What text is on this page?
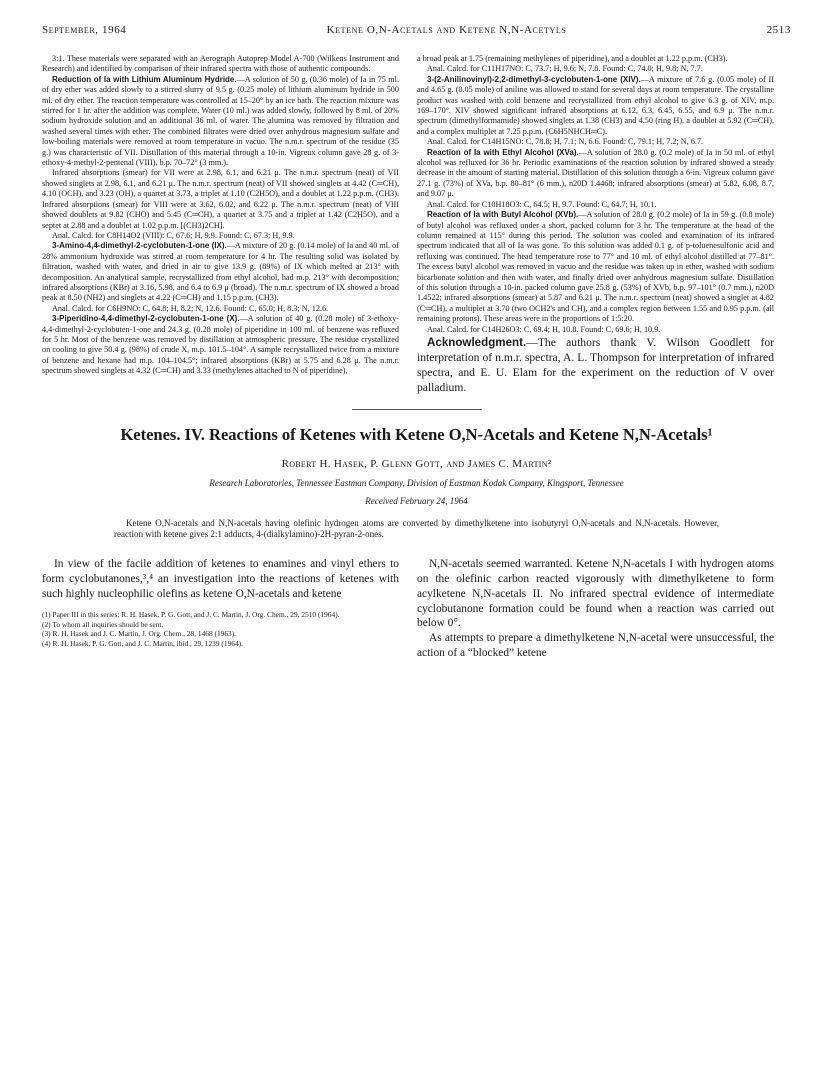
September, 1964	Ketene O,N-Acetals and Ketene N,N-Acetyls	2513

3:1. These materials were separated with an Aerograph Autoprep Model A-700 (Wilkens Instrument and Research) and identified by comparison of their infrared spectra with those of authentic compounds.

Reduction of Ia with Lithium Aluminum Hydride.—A solution of 50 g. (0.36 mole) of Ia in 75 ml. of dry ether was added slowly to a stirred slurry of 9.5 g. (0.25 mole) of lithium aluminum hydride in 500 ml. of dry ether. The reaction temperature was controlled at 15–20° by an ice bath. The reaction mixture was stirred for 1 hr. after the addition was complete. Water (10 ml.) was added slowly, followed by 8 ml. of 20% sodium hydroxide solution and an additional 36 ml. of water. The alumina was removed by filtration and washed several times with ether. The combined filtrates were dried over anhydrous magnesium sulfate and low-boiling materials were removed at room temperature in vacuo. The n.m.r. spectrum of the residue (35 g.) was characteristic of VII. Distillation of this material through a 10-in. Vigreux column gave 28 g. of 3-ethoxy-4-methyl-2-pentenal (VIII), b.p. 70–72° (3 mm.).

Infrared absorptions (smear) for VII were at 2.98, 6.1, and 6.21 μ. The n.m.r. spectrum (neat) of VII showed singlets at 2.98, 6.1, and 6.21 μ. The n.m.r. spectrum (neat) of VII showed singlets at 4.42 (C═CH), 4.10 (OCH), and 3.23 (OH), a quartet at 3.73, a triplet at 1.10 (C2H5O), and a doublet at 1.22 p.p.m. (CH3). Infrared absorptions (smear) for VIII were at 3.62, 6.02, and 6.22 μ. The n.m.r. spectrum (neat) of VIII showed doublets at 9.82 (CHO) and 5.45 (C═CH), a quartet at 3.75 and a triplet at 1.42 (C2H5O), and a septet at 2.88 and a doublet at 1.02 p.p.m. [(CH3)2CH].

Anal. Calcd. for C8H14O2 (VIII): C, 67.6; H, 9.9. Found: C, 67.3; H, 9.9.

3-Amino-4,4-dimethyl-2-cyclobuten-1-one (IX).—A mixture of 20 g. (0.14 mole) of Ia and 40 ml. of 28% ammonium hydroxide was stirred at room temperature for 4 hr. The resulting solid was isolated by filtration, washed with water, and dried in air to give 13.9 g. (89%) of IX which melted at 213° with decomposition. An analytical sample, recrystallized from ethyl alcohol, had m.p. 213° with decomposition; infrared absorptions (KBr) at 3.16, 5.98, and 6.4 to 6.9 μ (broad). The n.m.r. spectrum of IX showed a broad peak at 8.50 (NH2) and singlets at 4.22 (C═CH) and 1.15 p.p.m. (CH3).

Anal. Calcd. for C6H9NO: C, 64.8; H, 8.2; N, 12.6. Found: C, 65.0; H, 8.3; N, 12.6.

3-Piperidino-4,4-dimethyl-2-cyclobuten-1-one (X).—A solution of 40 g. (0.28 mole) of 3-ethoxy-4,4-dimethyl-2-cyclobuten-1-one and 24.3 g. (0.28 mole) of piperidine in 100 ml. of benzene was refluxed for 5 hr. Most of the benzene was removed by distillation at atmospheric pressure. The residue crystallized on cooling to give 50.4 g. (98%) of crude X, m.p. 101.5–104°. A sample recrystallized twice from a mixture of benzene and hexane had m.p. 104–104.5°; infrared absorptions (KBr) at 5.75 and 6.28 μ. The n.m.r. spectrum showed singlets at 4.32 (C═CH) and 3.33 (methylenes attached to N of piperidine),

a broad peak at 1.75 (remaining methylenes of piperidine), and a doublet at 1.22 p.p.m. (CH3).

Anal. Calcd. for C11H17NO: C, 73.7; H, 9.6; N, 7.8. Found: C, 74.0; H, 9.8; N, 7.7.

3-(2-Anilinovinyl)-2,2-dimethyl-3-cyclobuten-1-one (XIV).—A mixture of 7.6 g. (0.05 mole) of II and 4.65 g. (0.05 mole) of aniline was allowed to stand for several days at room temperature. The crystalline product was washed with cold benzene and recrystallized from ethyl alcohol to give 6.3 g. of XIV, m.p. 169–170°. XIV showed significant infrared absorptions at 6.12, 6.3, 6.45, 6.55, and 6.9 μ. The n.m.r. spectrum (dimethylformamide) showed singlets at 1.38 (CH3) and 4.50 (ring H), a doublet at 5.92 (C═CH), and a complex multiplet at 7.25 p.p.m. (C6H5NHCH═C).

Anal. Calcd. for C14H15NO: C, 78.8; H, 7.1; N, 6.6. Found: C, 79.1; H, 7.2; N, 6.7.

Reaction of Ia with Ethyl Alcohol (XVa).—A solution of 28.0 g. (0.2 mole) of Ia in 50 ml. of ethyl alcohol was refluxed for 36 hr. Periodic examinations of the reaction solution by infrared showed a steady decrease in the amount of starting material. Distillation of this solution through a 6-in. Vigreux column gave 27.1 g. (73%) of XVa, b.p. 80–81° (6 mm.), n20D 1.4468; infrared absorptions (smear) at 5.82, 6.08, 8.7, and 9.07 μ.

Anal. Calcd. for C10H18O3: C, 64.5; H, 9.7. Found: C, 64.7; H, 10.1.

Reaction of Ia with Butyl Alcohol (XVb).—A solution of 28.0 g. (0.2 mole) of Ia in 59 g. (0.8 mole) of butyl alcohol was refluxed under a short, packed column for 3 hr. The temperature at the head of the column remained at 115° during this period. The solution was cooled and examination of its infrared spectrum indicated that all of Ia was gone. To this solution was added 0.1 g. of p-toluenesulfonic acid and refluxing was continued. The head temperature rose to 77° and 10 ml. of ethyl alcohol distilled at 77–81°. The excess butyl alcohol was removed in vacuo and the residue was taken up in ether, washed with sodium bicarbonate solution and then with water, and finally dried over anhydrous magnesium sulfate. Distillation of this solution through a 10-in. packed column gave 25.8 g. (53%) of XVb, b.p. 97–101° (0.7 mm.), n20D 1.4522; infrared absorptions (smear) at 5.87 and 6.21 μ. The n.m.r. spectrum (neat) showed a singlet at 4.82 (C═CH), a multiplet at 3.70 (two OCH2's and CH), and a complex region between 1.55 and 0.95 p.p.m. (all remaining protons). These areas were in the proportions of 1:5:20.

Anal. Calcd. for C14H26O3: C, 69.4; H, 10.8. Found: C, 69.6; H, 10.9.

Acknowledgment.—The authors thank V. Wilson Goodlett for interpretation of n.m.r. spectra, A. L. Thompson for interpretation of infrared spectra, and E. U. Elam for the experiment on the reduction of V over palladium.

Ketenes. IV. Reactions of Ketenes with Ketene O,N-Acetals and Ketene N,N-Acetals¹
Robert H. Hasek, P. Glenn Gott, and James C. Martin²
Research Laboratories, Tennessee Eastman Company, Division of Eastman Kodak Company, Kingsport, Tennessee
Received February 24, 1964
Ketene O,N-acetals and N,N-acetals having olefinic hydrogen atoms are converted by dimethylketene into isobutyryl O,N-acetals and N,N-acetals. However, reaction with ketene gives 2:1 adducts, 4-(dialkylamino)-2H-pyran-2-ones.

In view of the facile addition of ketenes to enamines and vinyl ethers to form cyclobutanones,³,⁴ an investigation into the reactions of ketenes with such highly nucleophilic olefins as ketene O,N-acetals and ketene

(1) Paper III in this series: R. H. Hasek, P. G. Gott, and J. C. Martin, J. Org. Chem., 29, 2510 (1964).
(2) To whom all inquiries should be sent.
(3) R. H. Hasek and J. C. Martin, J. Org. Chem., 28, 1468 (1963).
(4) R. H. Hasek, P. G. Gott, and J. C. Martin, ibid., 29, 1239 (1964).

N,N-acetals seemed warranted. Ketene N,N-acetals I with hydrogen atoms on the olefinic carbon reacted vigorously with dimethylketene to form acylketene N,N-acetals II. No infrared spectral evidence of intermediate cyclobutanone formation could be found when a reaction was carried out below 0°.

As attempts to prepare a dimethylketene N,N-acetal were unsuccessful, the action of a “blocked” ketene
